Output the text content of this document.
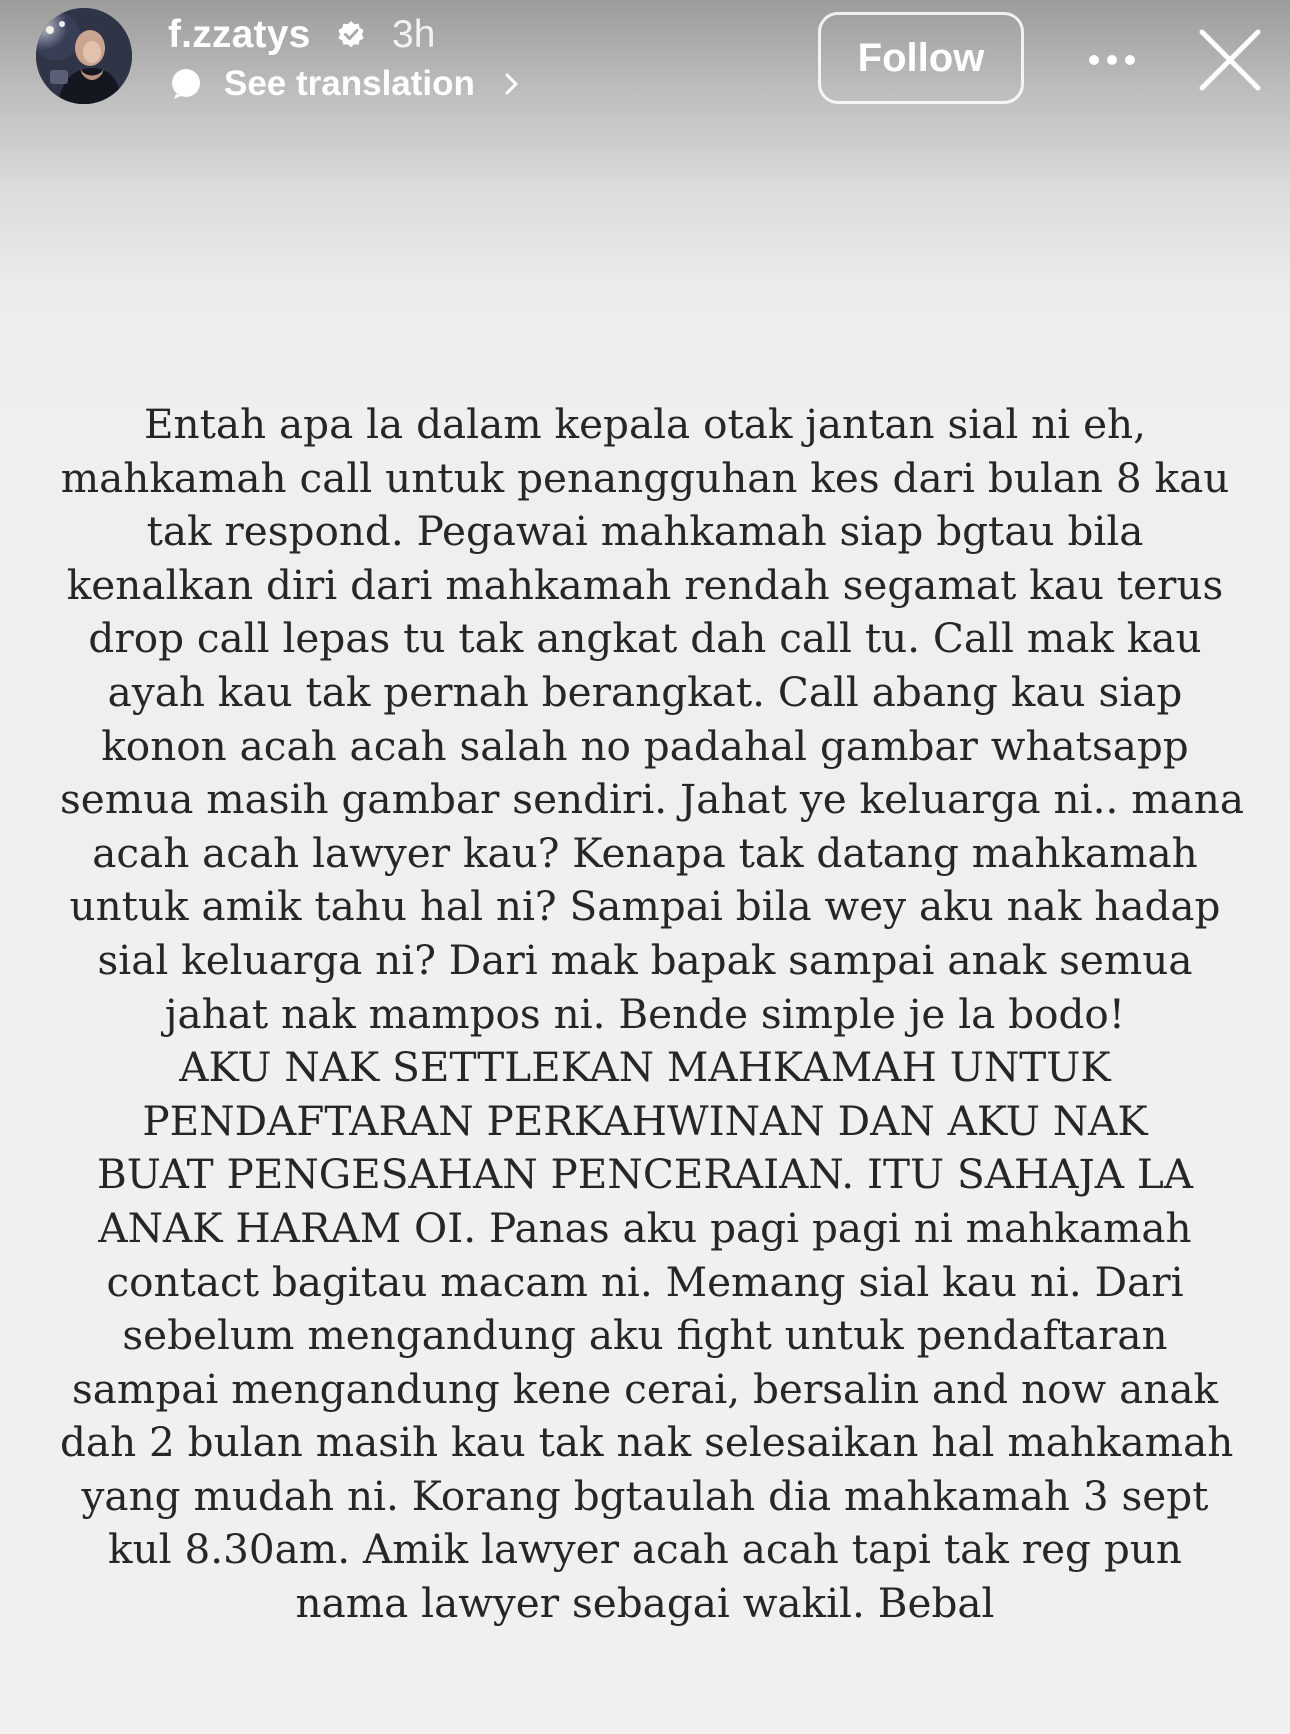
f.zzatys 3h
See translation
Follow

Entah apa la dalam kepala otak jantan sial ni eh,
mahkamah call untuk penangguhan kes dari bulan 8 kau
tak respond. Pegawai mahkamah siap bgtau bila
kenalkan diri dari mahkamah rendah segamat kau terus
drop call lepas tu tak angkat dah call tu. Call mak kau
ayah kau tak pernah berangkat. Call abang kau siap
konon acah acah salah no padahal gambar whatsapp
semua masih gambar sendiri. Jahat ye keluarga ni.. mana
acah acah lawyer kau? Kenapa tak datang mahkamah
untuk amik tahu hal ni? Sampai bila wey aku nak hadap
sial keluarga ni? Dari mak bapak sampai anak semua
jahat nak mampos ni. Bende simple je la bodo!
AKU NAK SETTLEKAN MAHKAMAH UNTUK
PENDAFTARAN PERKAHWINAN DAN AKU NAK
BUAT PENGESAHAN PENCERAIAN. ITU SAHAJA LA
ANAK HARAM OI. Panas aku pagi pagi ni mahkamah
contact bagitau macam ni. Memang sial kau ni. Dari
sebelum mengandung aku fight untuk pendaftaran
sampai mengandung kene cerai, bersalin and now anak
dah 2 bulan masih kau tak nak selesaikan hal mahkamah
yang mudah ni. Korang bgtaulah dia mahkamah 3 sept
kul 8.30am. Amik lawyer acah acah tapi tak reg pun
nama lawyer sebagai wakil. Bebal
